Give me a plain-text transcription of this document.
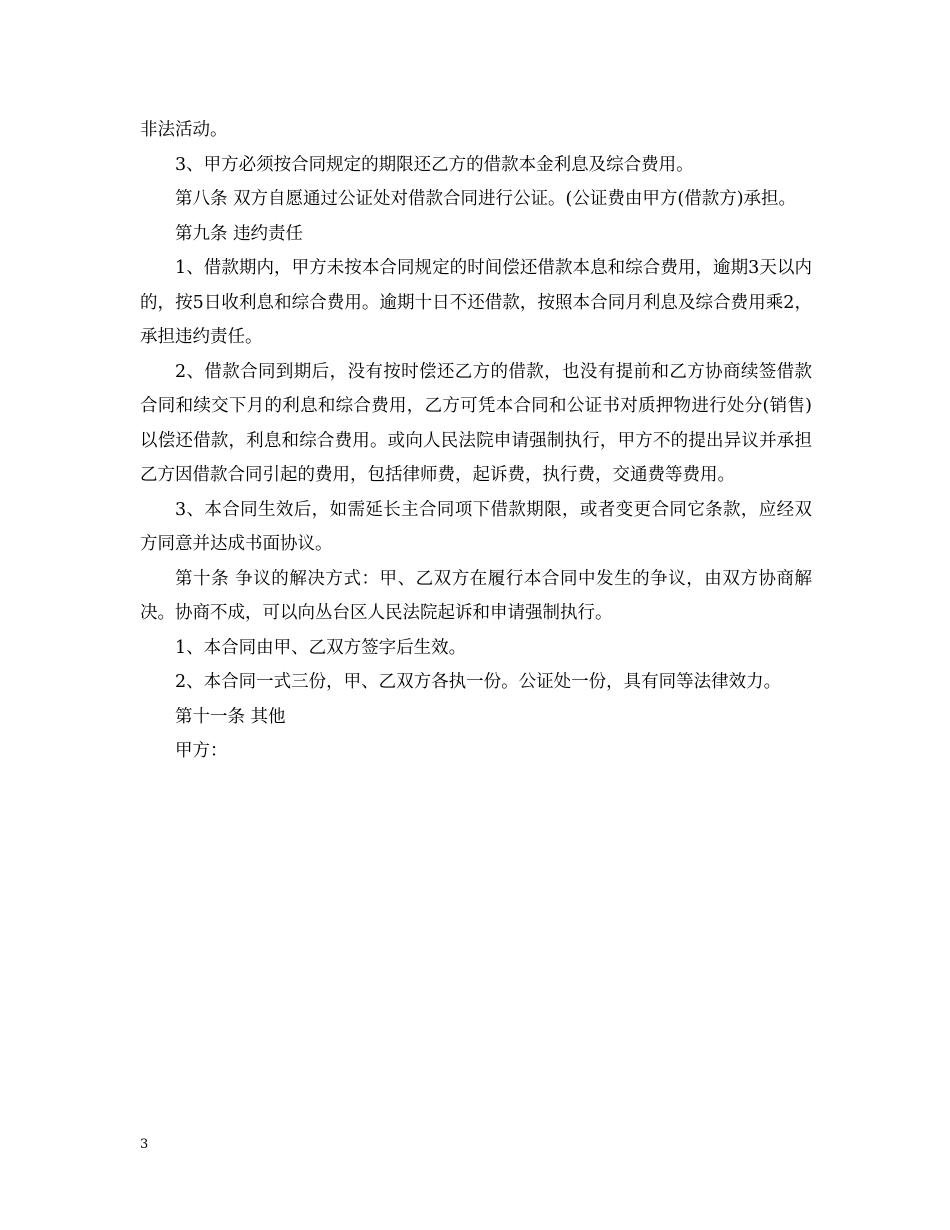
非法活动。

3、甲方必须按合同规定的期限还乙方的借款本金利息及综合费用。

第八条 双方自愿通过公证处对借款合同进行公证。(公证费由甲方(借款方)承担。

第九条 违约责任

1、借款期内，甲方未按本合同规定的时间偿还借款本息和综合费用，逾期3天以内的，按5日收利息和综合费用。逾期十日不还借款，按照本合同月利息及综合费用乘2，承担违约责任。

2、借款合同到期后，没有按时偿还乙方的借款，也没有提前和乙方协商续签借款合同和续交下月的利息和综合费用，乙方可凭本合同和公证书对质押物进行处分(销售)以偿还借款，利息和综合费用。或向人民法院申请强制执行，甲方不的提出异议并承担乙方因借款合同引起的费用，包括律师费，起诉费，执行费，交通费等费用。

3、本合同生效后，如需延长主合同项下借款期限，或者变更合同它条款，应经双方同意并达成书面协议。

第十条 争议的解决方式：甲、乙双方在履行本合同中发生的争议，由双方协商解决。协商不成，可以向丛台区人民法院起诉和申请强制执行。

1、本合同由甲、乙双方签字后生效。

2、本合同一式三份，甲、乙双方各执一份。公证处一份，具有同等法律效力。

第十一条 其他

甲方：

3
